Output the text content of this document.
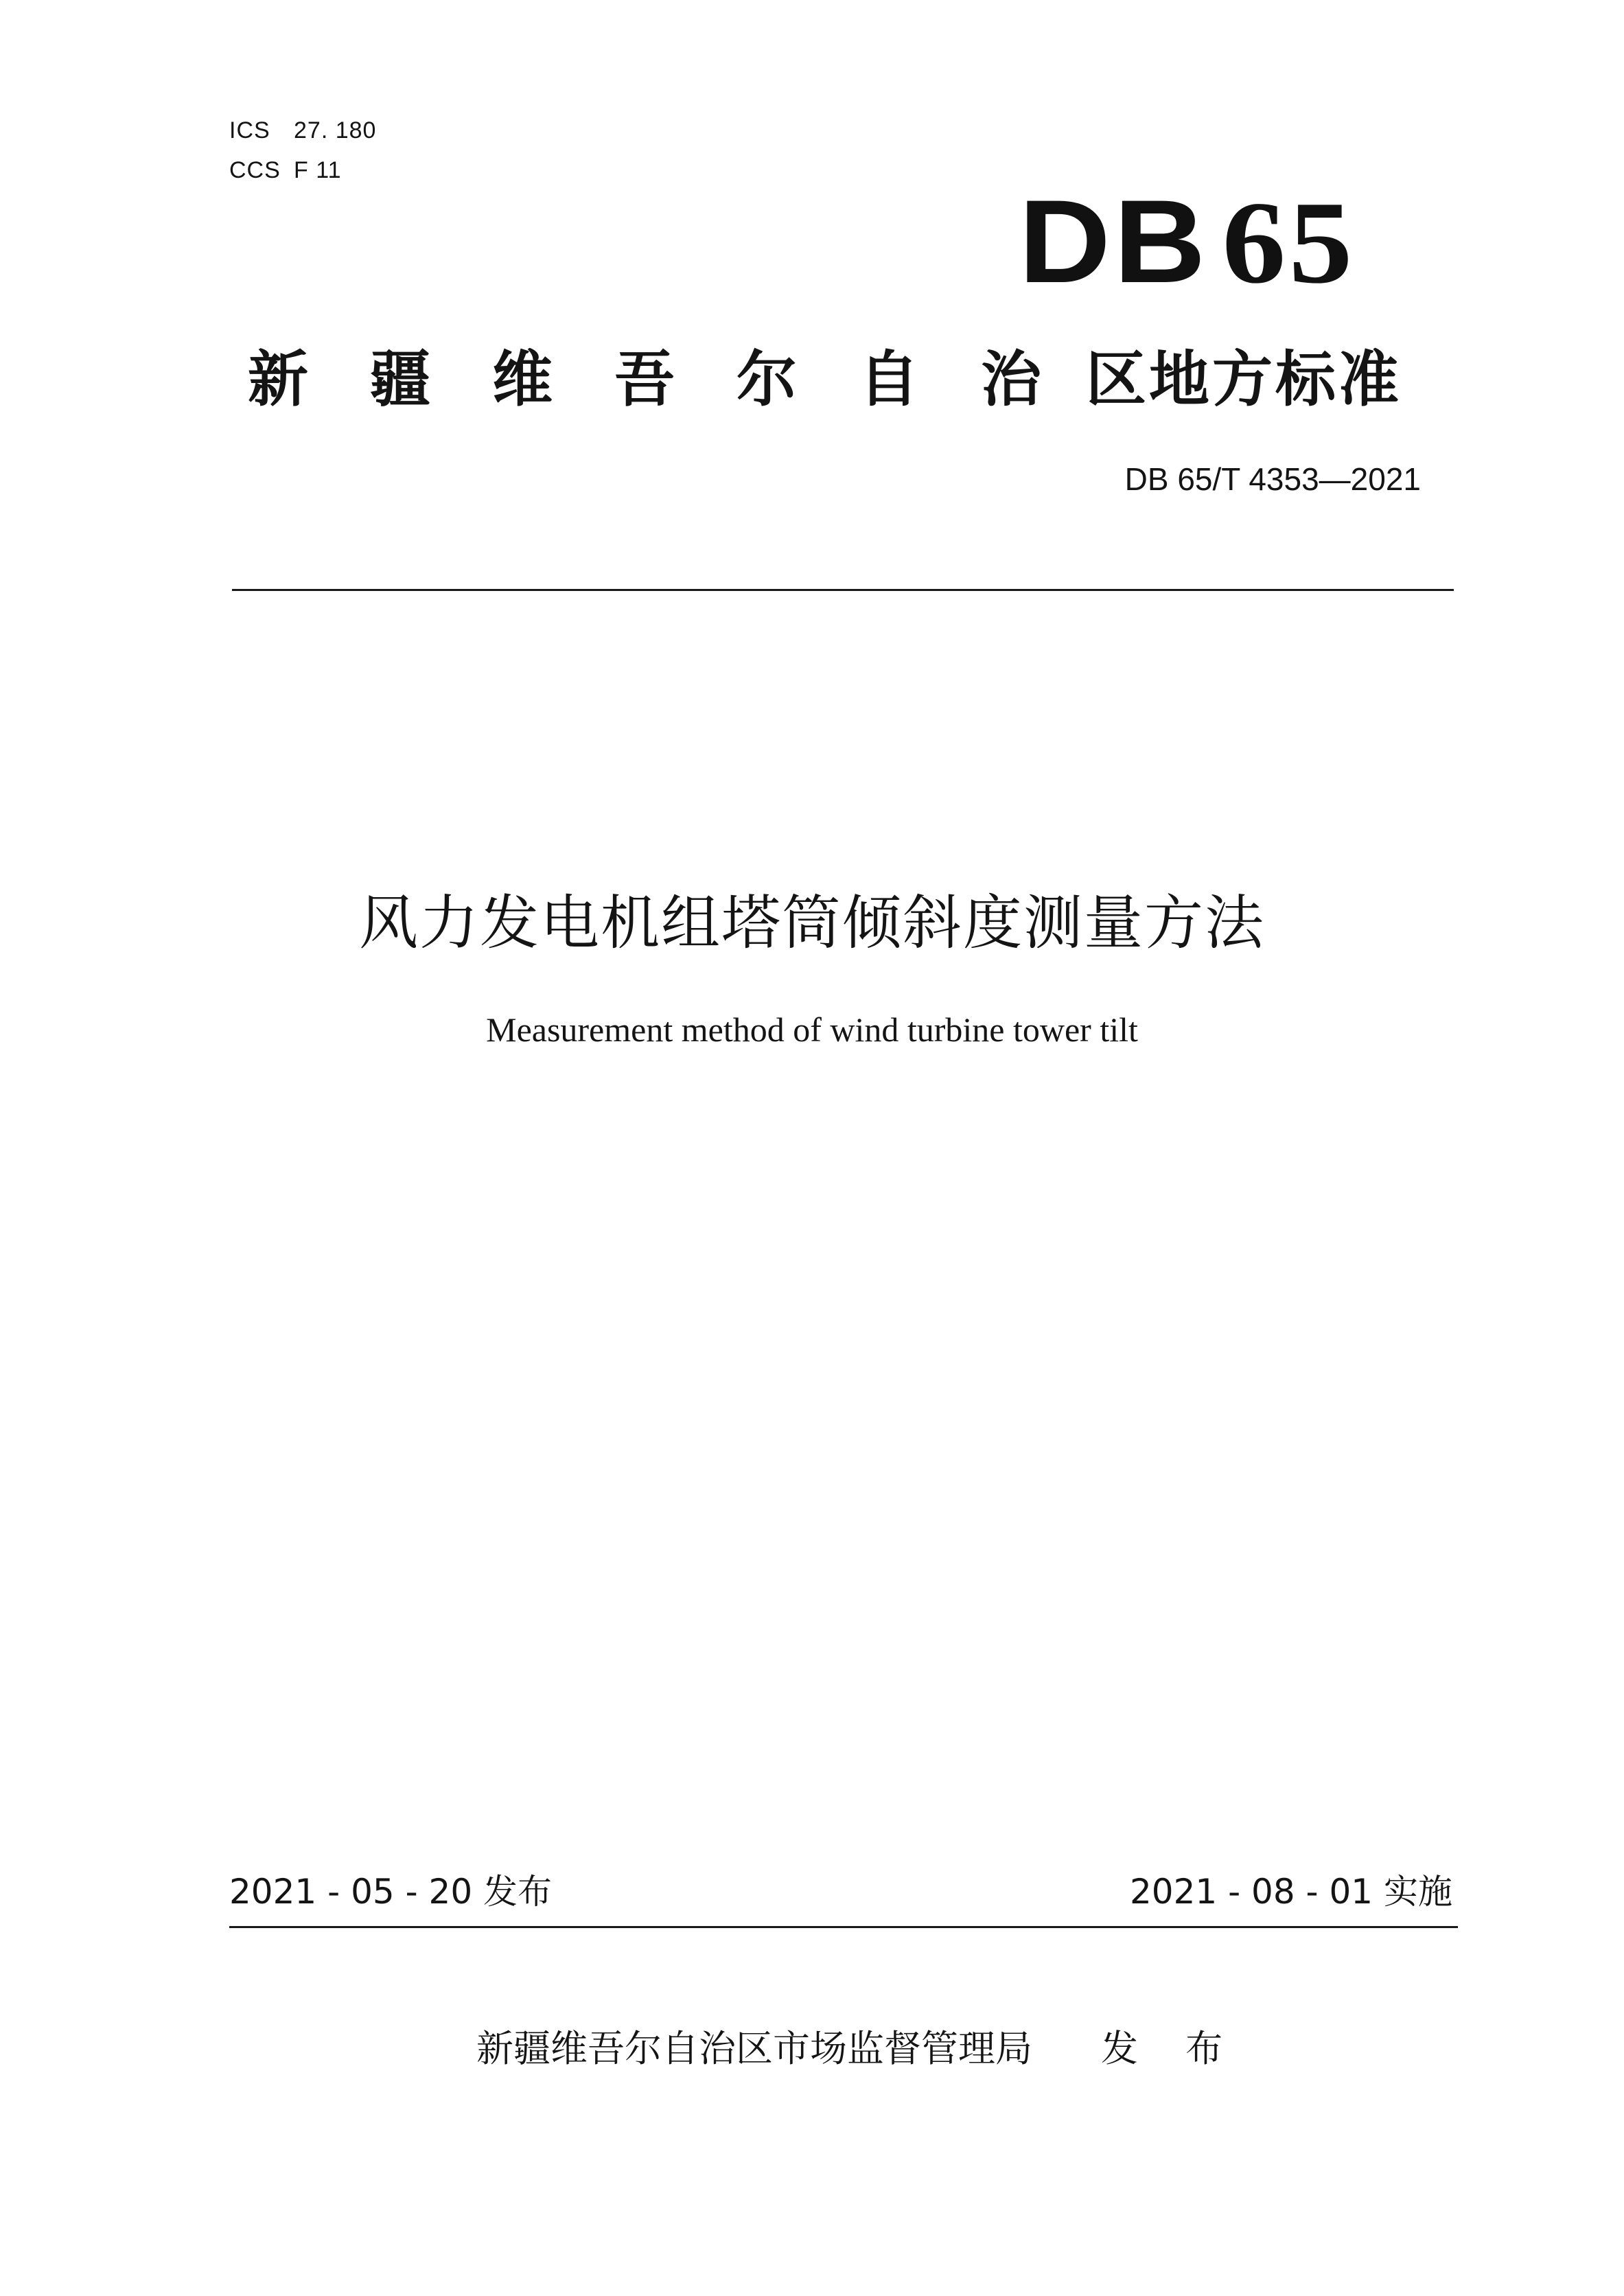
ICS 27. 180
CCS F 11
DB 65
新	疆	维	吾	尔	自	治 区地方标准
DB 65/T 4353—2021
风力发电机组塔筒倾斜度测量方法
Measurement method of wind turbine tower tilt
2021 - 05 - 20 发布	2021 - 08 - 01 实施
新疆维吾尔自治区市场监督管理局 发 布
